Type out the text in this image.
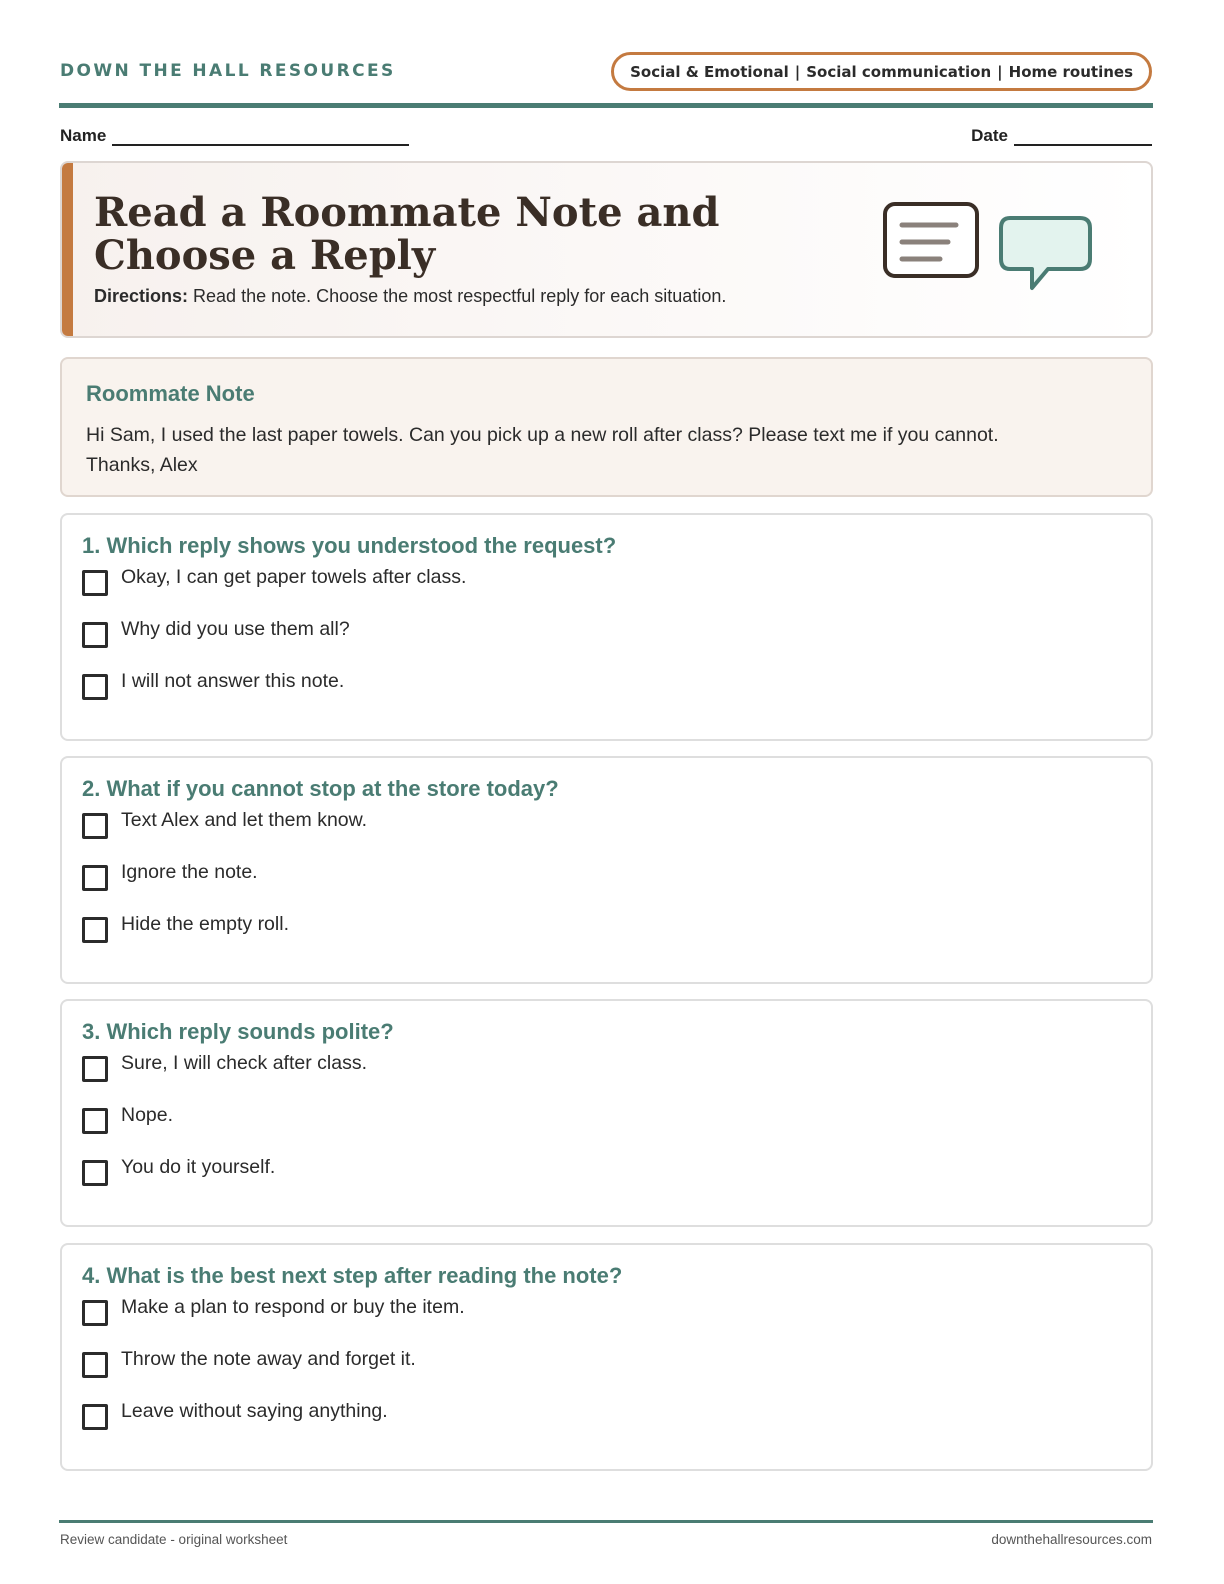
DOWN THE HALL RESOURCES	Social & Emotional | Social communication | Home routines
Name	Date
Read a Roommate Note and
Choose a Reply
Directions: Read the note. Choose the most respectful reply for each situation.
Roommate Note
Hi Sam, I used the last paper towels. Can you pick up a new roll after class? Please text me if you cannot.
Thanks, Alex
1. Which reply shows you understood the request?
Okay, I can get paper towels after class.
Why did you use them all?
I will not answer this note.
2. What if you cannot stop at the store today?
Text Alex and let them know.
Ignore the note.
Hide the empty roll.
3. Which reply sounds polite?
Sure, I will check after class.
Nope.
You do it yourself.
4. What is the best next step after reading the note?
Make a plan to respond or buy the item.
Throw the note away and forget it.
Leave without saying anything.
Review candidate - original worksheet	downthehallresources.com
